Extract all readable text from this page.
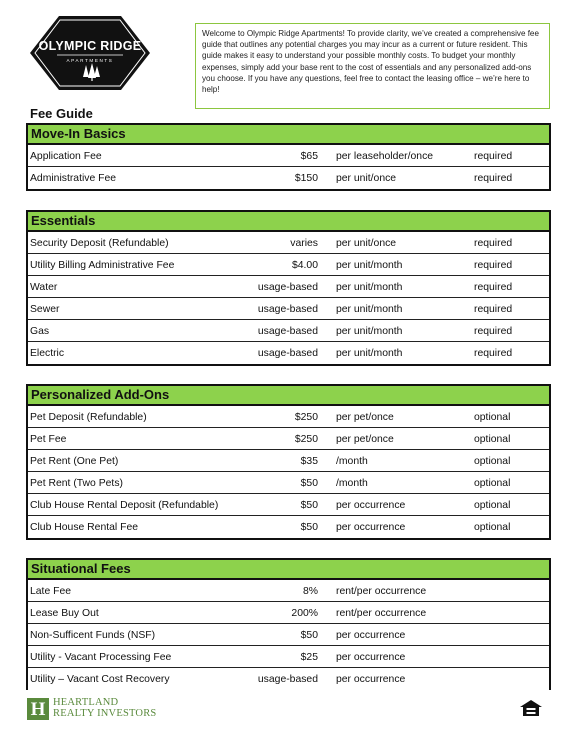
OLYMPIC RIDGE
APARTMENTS
Welcome to Olympic Ridge Apartments! To provide clarity, we’ve created a comprehensive fee guide that outlines any potential charges you may incur as a current or future resident. This guide makes it easy to understand your possible monthly costs. To budget your monthly expenses, simply add your base rent to the cost of essentials and any personalized add-ons you choose. If you have any questions, feel free to contact the leasing office – we’re here to help!
Fee Guide
Move-In Basics
Application Fee	$65 per leaseholder/once	required
Administrative Fee	$150 per unit/once	required
Essentials
Security Deposit (Refundable)	varies per unit/once	required
Utility Billing Administrative Fee	$4.00 per unit/month	required
Water	usage-based per unit/month	required
Sewer	usage-based per unit/month	required
Gas	usage-based per unit/month	required
Electric	usage-based per unit/month	required
Personalized Add-Ons
Pet Deposit (Refundable)	$250 per pet/once	optional
Pet Fee	$250 per pet/once	optional
Pet Rent (One Pet)	$35 /month	optional
Pet Rent (Two Pets)	$50 /month	optional
Club House Rental Deposit (Refundable)	$50 per occurrence	optional
Club House Rental Fee	$50 per occurrence	optional
Situational Fees
Late Fee	8% rent/per occurrence
Lease Buy Out	200% rent/per occurrence
Non-Sufficent Funds (NSF)	$50 per occurrence
Utility - Vacant Processing Fee	$25 per occurrence
Utility – Vacant Cost Recovery	usage-based per occurrence
H HEARTLAND
REALTY INVESTORS
